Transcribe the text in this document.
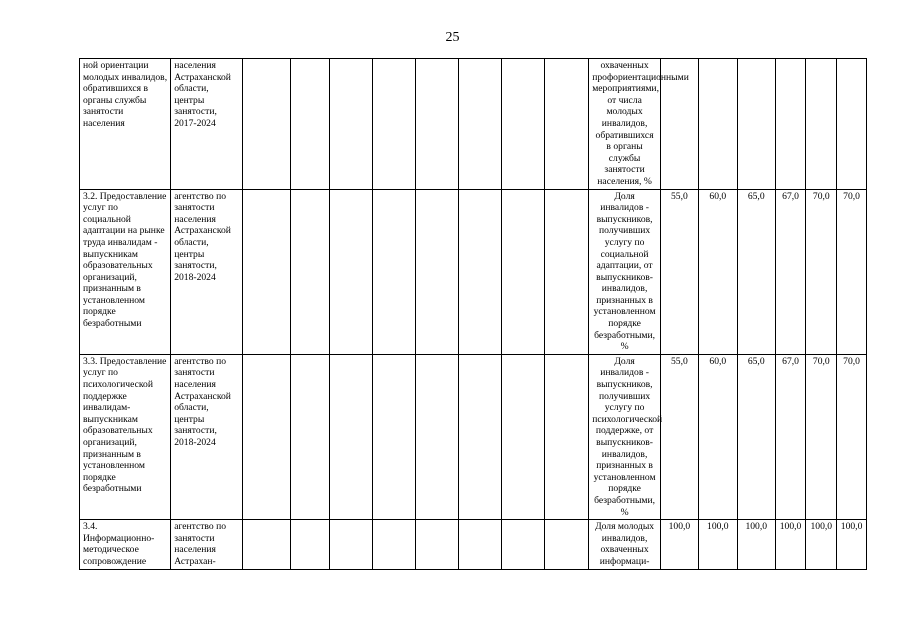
25
ной ориентации молодых инвалидов, обратившихся в органы службы занятости населения	населения Астраханской области, центры занятости, 2017-2024									охваченных профориентационными мероприятиями, от числа молодых инвалидов, обратившихся в органы службы занятости населения, %						
3.2. Предоставление услуг по социальной адаптации на рынке труда инвалидам - выпускникам образовательных организаций, признанным в установленном порядке безработными	агентство по занятости населения Астраханской области, центры занятости, 2018-2024									Доля инвалидов - выпускников, получивших услугу по социальной адаптации, от выпускников-инвалидов, признанных в установленном порядке безработными, %	55,0	60,0	65,0	67,0	70,0	70,0
3.3. Предоставление услуг по психологической поддержке инвалидам-выпускникам образовательных организаций, признанным в установленном порядке безработными	агентство по занятости населения Астраханской области, центры занятости, 2018-2024									Доля инвалидов - выпускников, получивших услугу по психологической поддержке, от выпускников-инвалидов, признанных в установленном порядке безработными, %	55,0	60,0	65,0	67,0	70,0	70,0
3.4. Информационно-методическое сопровождение	агентство по занятости населения Астрахан-									Доля молодых инвалидов, охваченных информаци-	100,0	100,0	100,0	100,0	100,0	100,0
